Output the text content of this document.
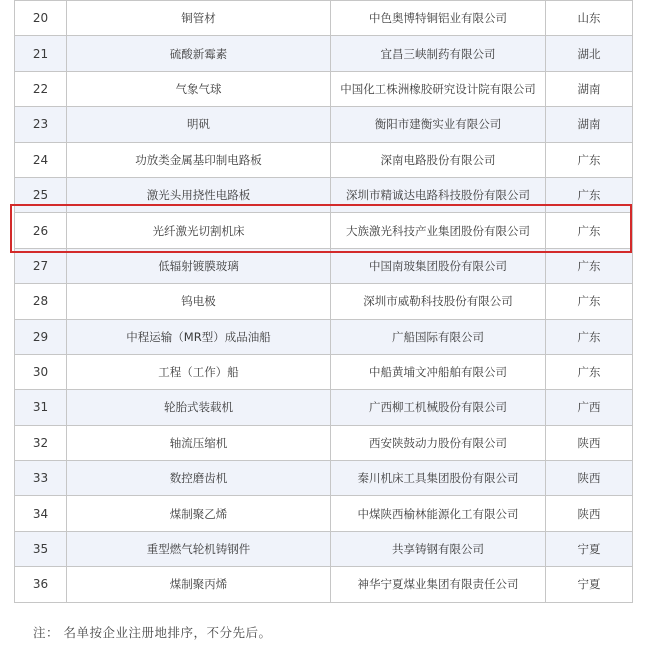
20	铜管材	中色奥博特铜铝业有限公司	山东
21	硫酸新霉素	宜昌三峡制药有限公司	湖北
22	气象气球	中国化工株洲橡胶研究设计院有限公司	湖南
23	明矾	衡阳市建衡实业有限公司	湖南
24	功放类金属基印制电路板	深南电路股份有限公司	广东
25	激光头用挠性电路板	深圳市精诚达电路科技股份有限公司	广东
26	光纤激光切割机床	大族激光科技产业集团股份有限公司	广东
27	低辐射镀膜玻璃	中国南玻集团股份有限公司	广东
28	钨电极	深圳市威勒科技股份有限公司	广东
29	中程运输（MR型）成品油船	广船国际有限公司	广东
30	工程（工作）船	中船黄埔文冲船舶有限公司	广东
31	轮胎式装载机	广西柳工机械股份有限公司	广西
32	轴流压缩机	西安陕鼓动力股份有限公司	陕西
33	数控磨齿机	秦川机床工具集团股份有限公司	陕西
34	煤制聚乙烯	中煤陕西榆林能源化工有限公司	陕西
35	重型燃气轮机铸钢件	共享铸钢有限公司	宁夏
36	煤制聚丙烯	神华宁夏煤业集团有限责任公司	宁夏
注： 名单按企业注册地排序，不分先后。
